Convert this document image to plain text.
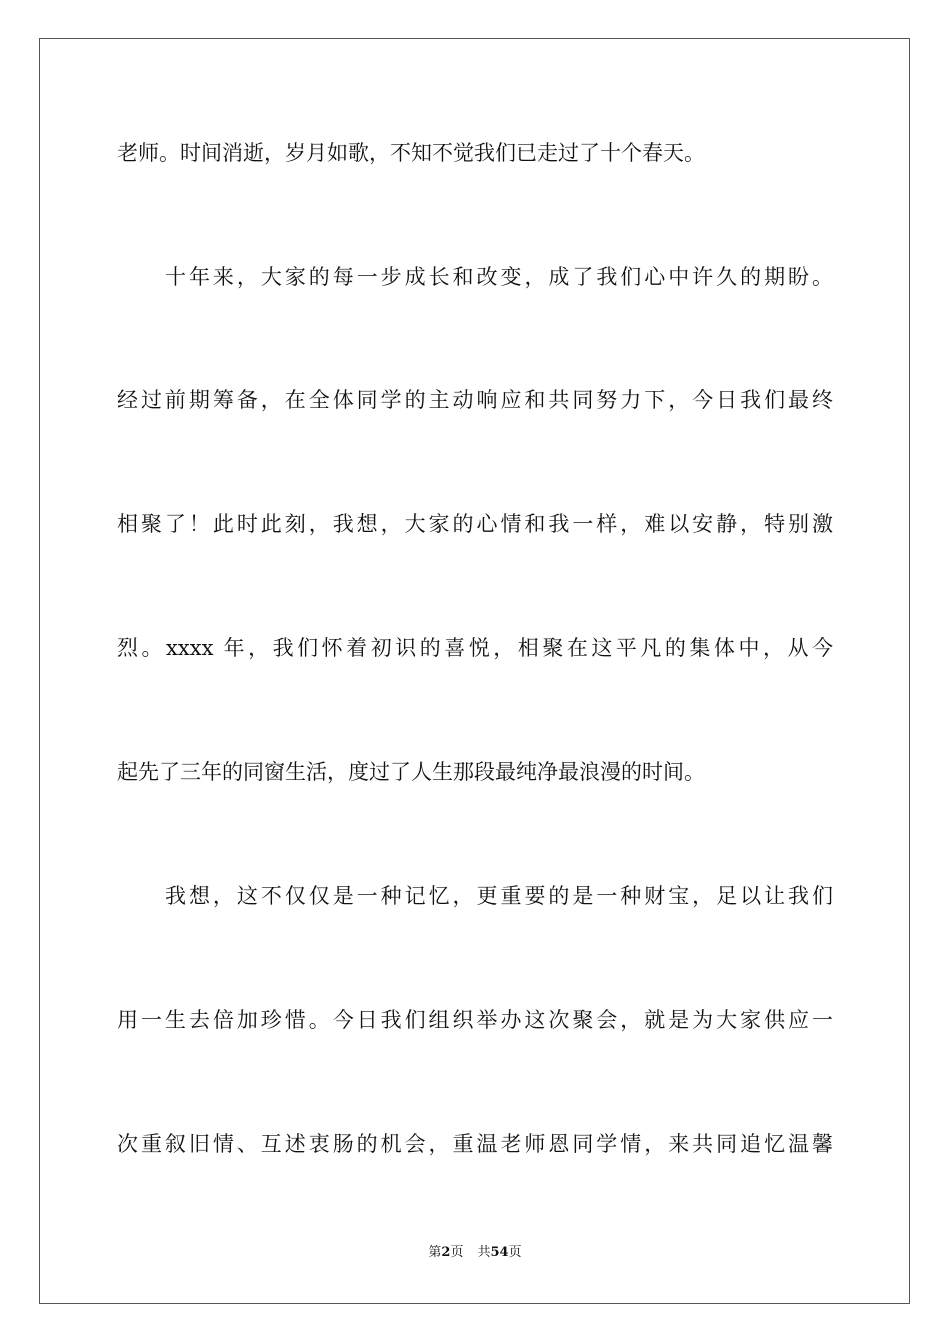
老师。时间消逝，岁月如歌，不知不觉我们已走过了十个春天。
十年来，大家的每一步成长和改变，成了我们心中许久的期盼。
经过前期筹备，在全体同学的主动响应和共同努力下，今日我们最终
相聚了！此时此刻，我想，大家的心情和我一样，难以安静，特别激
烈。xxxx 年，我们怀着初识的喜悦，相聚在这平凡的集体中，从今
起先了三年的同窗生活，度过了人生那段最纯净最浪漫的时间。
我想，这不仅仅是一种记忆，更重要的是一种财宝，足以让我们
用一生去倍加珍惜。今日我们组织举办这次聚会，就是为大家供应一
次重叙旧情、互述衷肠的机会，重温老师恩同学情，来共同追忆温馨
第2页 共54页
